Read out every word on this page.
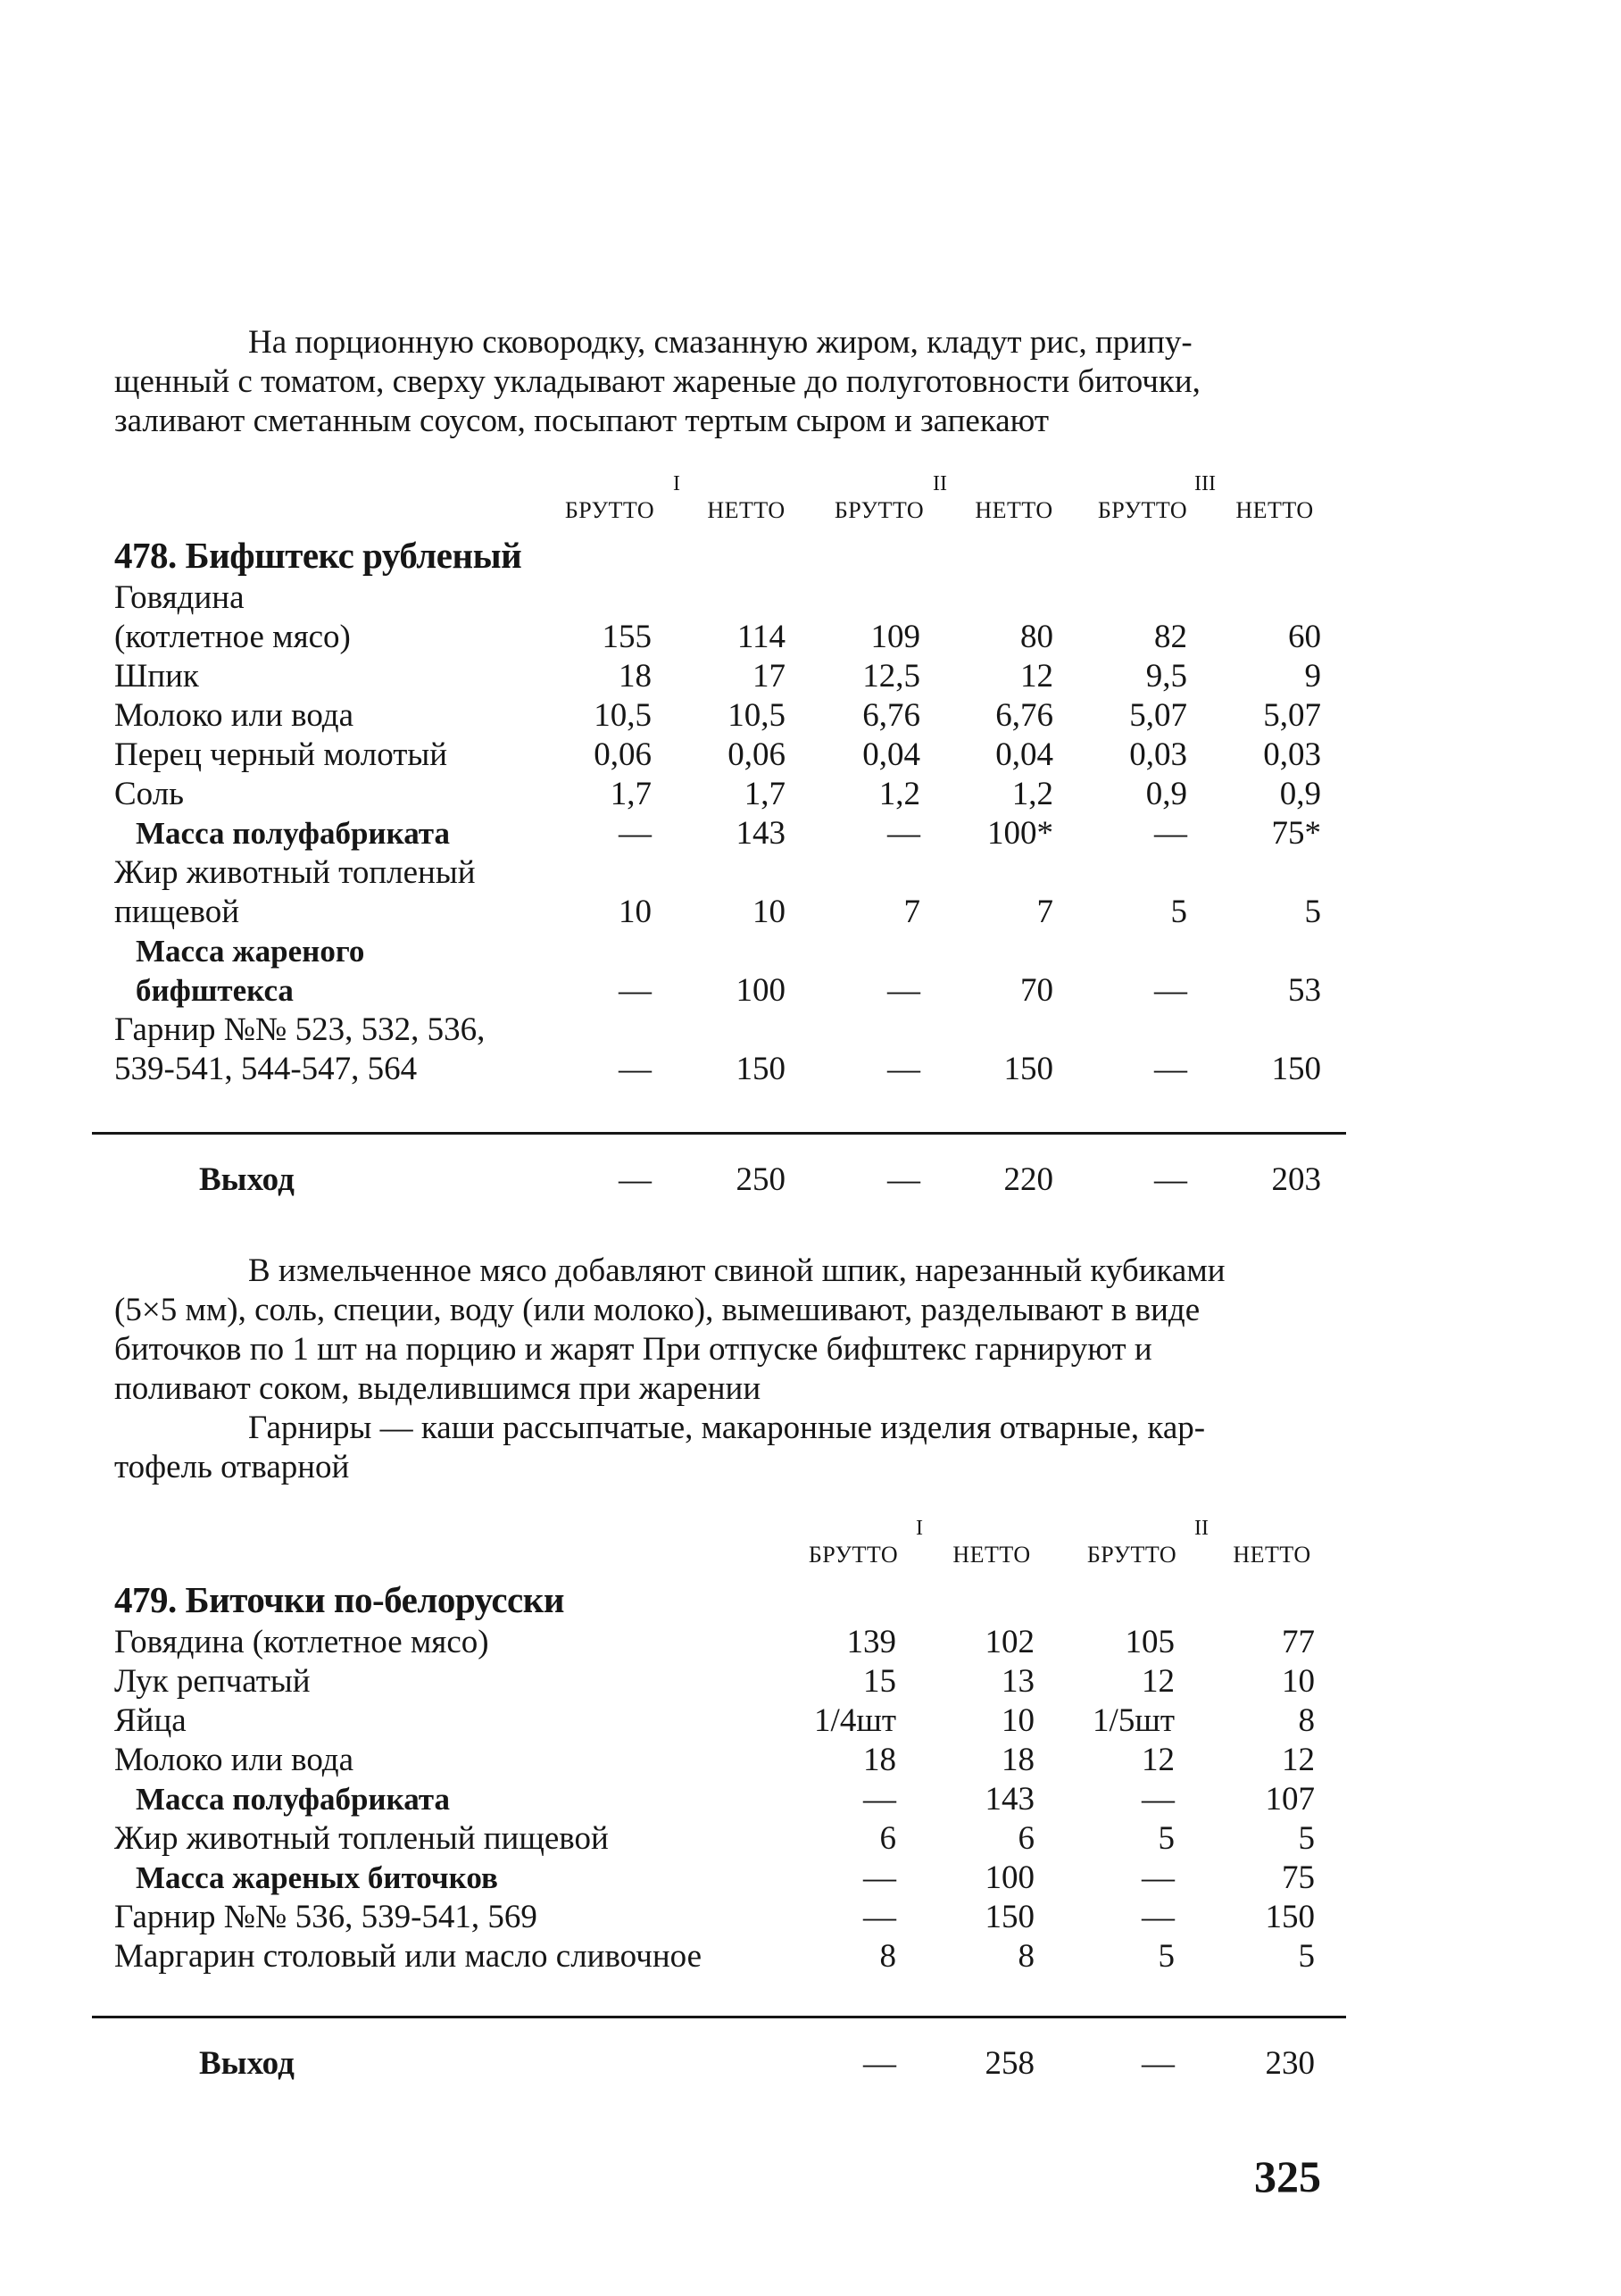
На порционную сковородку, смазанную жиром, кладут рис, припу-
щенный с томатом, сверху укладывают жареные до полуготовности биточки,
заливают сметанным соусом, посыпают тертым сыром и запекают
I	II	III
БРУТТО НЕТТО БРУТТО НЕТТО БРУТТО НЕТТО
478. Бифштекс рубленый
Говядина
(котлетное мясо)	155	114	109	80	82	60
Шпик	18	17	12,5	12	9,5	9
Молоко или вода	10,5	10,5	6,76	6,76	5,07	5,07
Перец черный молотый	0,06	0,06	0,04	0,04	0,03	0,03
Соль	1,7	1,7	1,2	1,2	0,9	0,9
Масса полуфабриката	—	143	—	100*	—	75*
Жир животный топленый
пищевой	10	10	7	7	5	5
Масса жареного
бифштекса	—	100	—	70	—	53
Гарнир №№ 523, 532, 536,
539-541, 544-547, 564	—	150	—	150	—	150
Выход	—	250	—	220	—	203
В измельченное мясо добавляют свиной шпик, нарезанный кубиками
(5×5 мм), соль, специи, воду (или молоко), вымешивают, разделывают в виде
биточков по 1 шт на порцию и жарят При отпуске бифштекс гарнируют и
поливают соком, выделившимся при жарении
Гарниры — каши рассыпчатые, макаронные изделия отварные, кар-
тофель отварной
I	II
БРУТТО НЕТТО БРУТТО НЕТТО
479. Биточки по-белорусски
Говядина (котлетное мясо)	139	102	105	77
Лук репчатый	15	13	12	10
Яйца	1/4шт	10	1/5шт	8
Молоко или вода	18	18	12	12
Масса полуфабриката	—	143	—	107
Жир животный топленый пищевой	6	6	5	5
Масса жареных биточков	—	100	—	75
Гарнир №№ 536, 539-541, 569	—	150	—	150
Маргарин столовый или масло сливочное	8	8	5	5
Выход	—	258	—	230
325
